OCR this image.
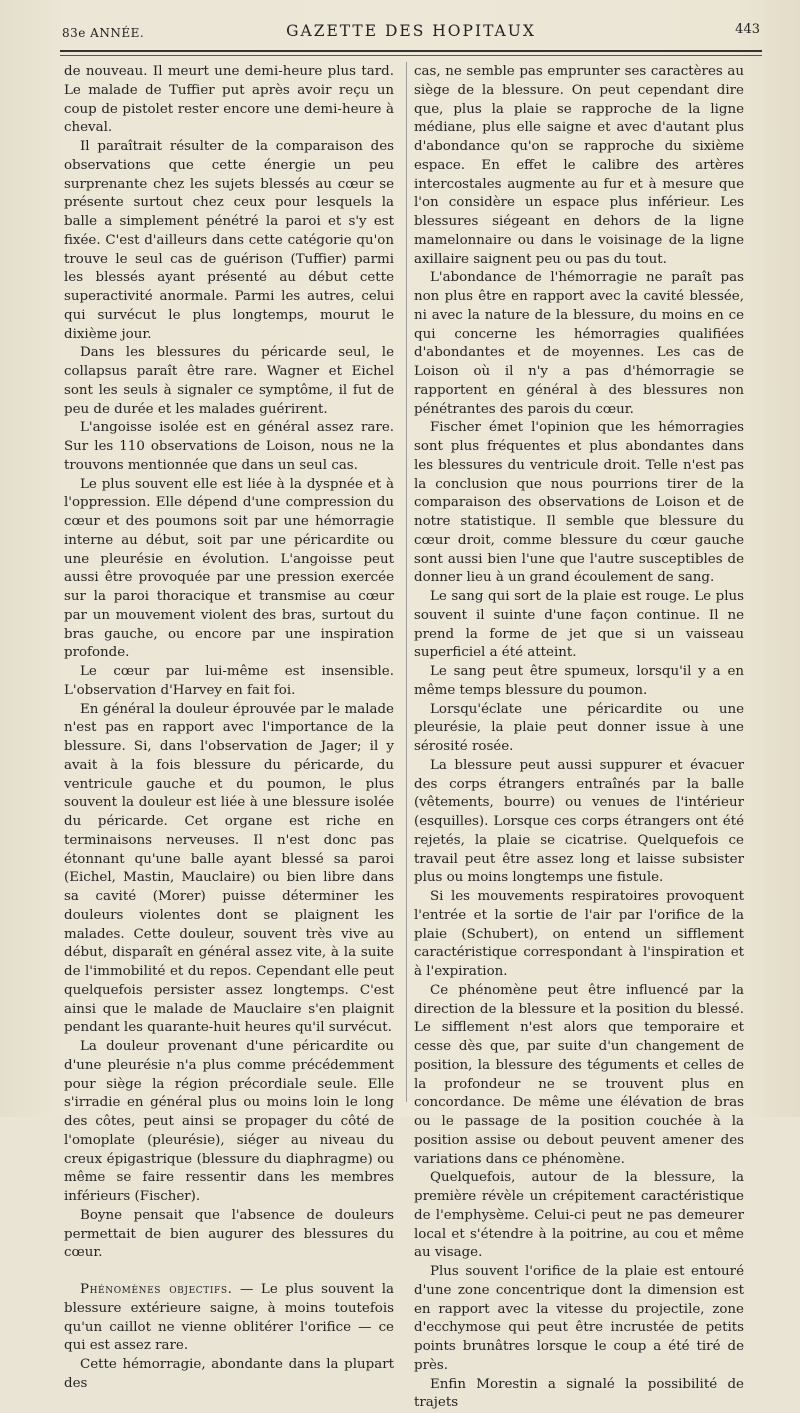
83e ANNÉE.	GAZETTE DES HOPITAUX	443

de nouveau. Il meurt une demi-heure plus tard. Le malade de Tuffier put après avoir reçu un coup de pistolet rester encore une demi-heure à cheval.

Il paraîtrait résulter de la comparaison des observations que cette énergie un peu surprenante chez les sujets blessés au cœur se présente surtout chez ceux pour lesquels la balle a simplement pénétré la paroi et s'y est fixée. C'est d'ailleurs dans cette catégorie qu'on trouve le seul cas de guérison (Tuffier) parmi les blessés ayant présenté au début cette superactivité anormale. Parmi les autres, celui qui survécut le plus longtemps, mourut le dixième jour.

Dans les blessures du péricarde seul, le collapsus paraît être rare. Wagner et Eichel sont les seuls à signaler ce symptôme, il fut de peu de durée et les malades guérirent.

L'angoisse isolée est en général assez rare. Sur les 110 observations de Loison, nous ne la trouvons mentionnée que dans un seul cas.

Le plus souvent elle est liée à la dyspnée et à l'oppression. Elle dépend d'une compression du cœur et des poumons soit par une hémorragie interne au début, soit par une péricardite ou une pleurésie en évolution. L'angoisse peut aussi être provoquée par une pression exercée sur la paroi thoracique et transmise au cœur par un mouvement violent des bras, surtout du bras gauche, ou encore par une inspiration profonde.

Le cœur par lui-même est insensible. L'observation d'Harvey en fait foi.

En général la douleur éprouvée par le malade n'est pas en rapport avec l'importance de la blessure. Si, dans l'observation de Jager; il y avait à la fois blessure du péricarde, du ventricule gauche et du poumon, le plus souvent la douleur est liée à une blessure isolée du péricarde. Cet organe est riche en terminaisons nerveuses. Il n'est donc pas étonnant qu'une balle ayant blessé sa paroi (Eichel, Mastin, Mauclaire) ou bien libre dans sa cavité (Morer) puisse déterminer les douleurs violentes dont se plaignent les malades. Cette douleur, souvent très vive au début, disparaît en général assez vite, à la suite de l'immobilité et du repos. Cependant elle peut quelquefois persister assez longtemps. C'est ainsi que le malade de Mauclaire s'en plaignit pendant les quarante-huit heures qu'il survécut.

La douleur provenant d'une péricardite ou d'une pleurésie n'a plus comme précédemment pour siège la région précordiale seule. Elle s'irradie en général plus ou moins loin le long des côtes, peut ainsi se propager du côté de l'omoplate (pleurésie), siéger au niveau du creux épigastrique (blessure du diaphragme) ou même se faire ressentir dans les membres inférieurs (Fischer).

Boyne pensait que l'absence de douleurs permettait de bien augurer des blessures du cœur.

Phénomènes objectifs. — Le plus souvent la blessure extérieure saigne, à moins toutefois qu'un caillot ne vienne oblitérer l'orifice — ce qui est assez rare.

Cette hémorragie, abondante dans la plupart des

cas, ne semble pas emprunter ses caractères au siège de la blessure. On peut cependant dire que, plus la plaie se rapproche de la ligne médiane, plus elle saigne et avec d'autant plus d'abondance qu'on se rapproche du sixième espace. En effet le calibre des artères intercostales augmente au fur et à mesure que l'on considère un espace plus inférieur. Les blessures siégeant en dehors de la ligne mamelonnaire ou dans le voisinage de la ligne axillaire saignent peu ou pas du tout.

L'abondance de l'hémorragie ne paraît pas non plus être en rapport avec la cavité blessée, ni avec la nature de la blessure, du moins en ce qui concerne les hémorragies qualifiées d'abondantes et de moyennes. Les cas de Loison où il n'y a pas d'hémorragie se rapportent en général à des blessures non pénétrantes des parois du cœur.

Fischer émet l'opinion que les hémorragies sont plus fréquentes et plus abondantes dans les blessures du ventricule droit. Telle n'est pas la conclusion que nous pourrions tirer de la comparaison des observations de Loison et de notre statistique. Il semble que blessure du cœur droit, comme blessure du cœur gauche sont aussi bien l'une que l'autre susceptibles de donner lieu à un grand écoulement de sang.

Le sang qui sort de la plaie est rouge. Le plus souvent il suinte d'une façon continue. Il ne prend la forme de jet que si un vaisseau superficiel a été atteint.

Le sang peut être spumeux, lorsqu'il y a en même temps blessure du poumon.

Lorsqu'éclate une péricardite ou une pleurésie, la plaie peut donner issue à une sérosité rosée.

La blessure peut aussi suppurer et évacuer des corps étrangers entraînés par la balle (vêtements, bourre) ou venues de l'intérieur (esquilles). Lorsque ces corps étrangers ont été rejetés, la plaie se cicatrise. Quelquefois ce travail peut être assez long et laisse subsister plus ou moins longtemps une fistule.

Si les mouvements respiratoires provoquent l'entrée et la sortie de l'air par l'orifice de la plaie (Schubert), on entend un sifflement caractéristique correspondant à l'inspiration et à l'expiration.

Ce phénomène peut être influencé par la direction de la blessure et la position du blessé. Le sifflement n'est alors que temporaire et cesse dès que, par suite d'un changement de position, la blessure des téguments et celles de la profondeur ne se trouvent plus en concordance. De même une élévation de bras ou le passage de la position couchée à la position assise ou debout peuvent amener des variations dans ce phénomène.

Quelquefois, autour de la blessure, la première révèle un crépitement caractéristique de l'emphysème. Celui-ci peut ne pas demeurer local et s'étendre à la poitrine, au cou et même au visage.

Plus souvent l'orifice de la plaie est entouré d'une zone concentrique dont la dimension est en rapport avec la vitesse du projectile, zone d'ecchymose qui peut être incrustée de petits points brunâtres lorsque le coup a été tiré de près.

Enfin Morestin a signalé la possibilité de trajets
